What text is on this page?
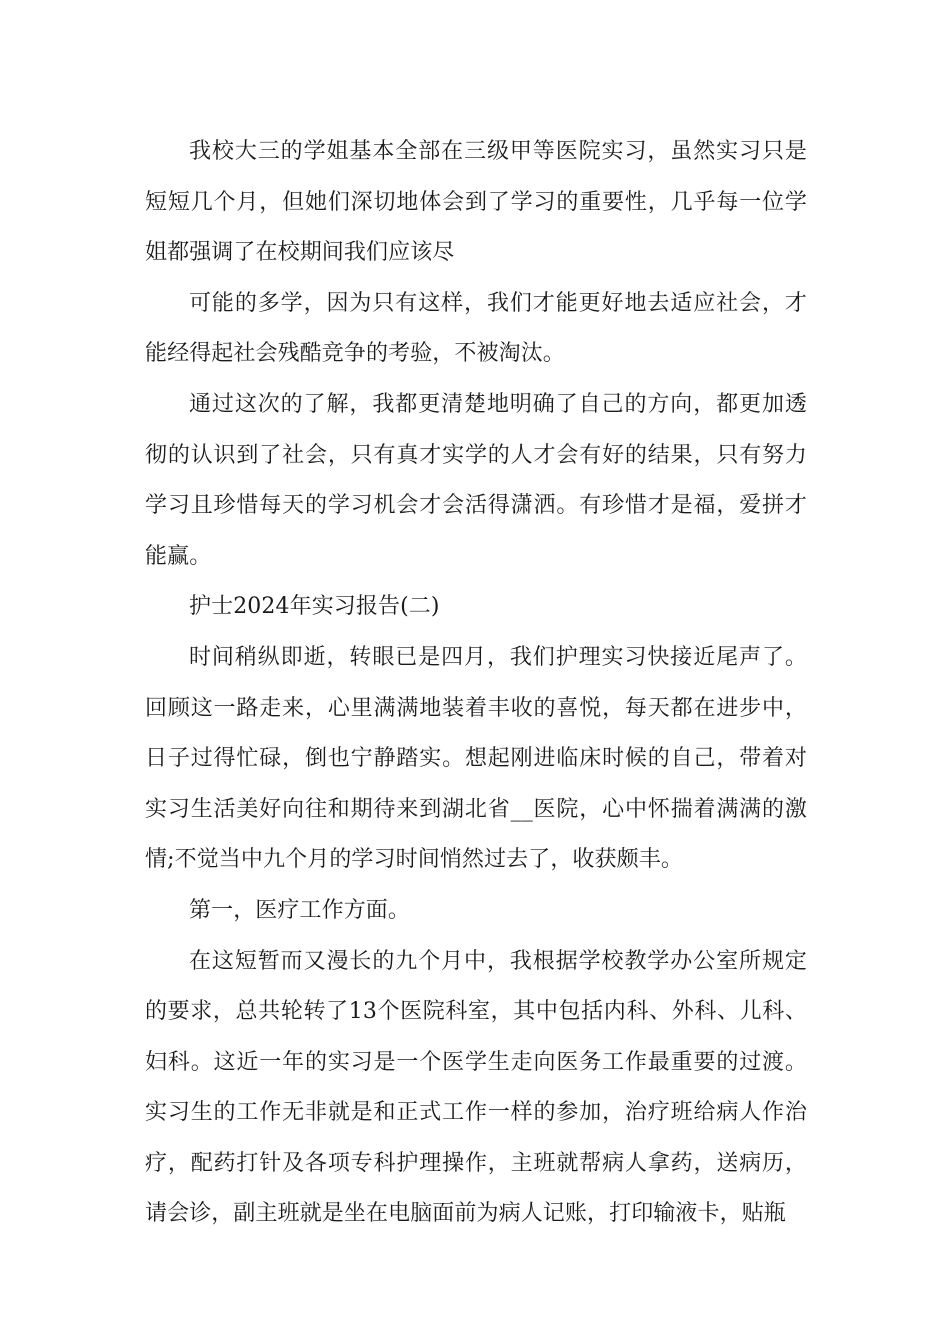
我校大三的学姐基本全部在三级甲等医院实习，虽然实习只是短短几个月，但她们深切地体会到了学习的重要性，几乎每一位学姐都强调了在校期间我们应该尽

可能的多学，因为只有这样，我们才能更好地去适应社会，才能经得起社会残酷竞争的考验，不被淘汰。

通过这次的了解，我都更清楚地明确了自己的方向，都更加透彻的认识到了社会，只有真才实学的人才会有好的结果，只有努力学习且珍惜每天的学习机会才会活得潇洒。有珍惜才是福，爱拼才能赢。

护士2024年实习报告(二)

时间稍纵即逝，转眼已是四月，我们护理实习快接近尾声了。回顾这一路走来，心里满满地装着丰收的喜悦，每天都在进步中，日子过得忙碌，倒也宁静踏实。想起刚进临床时候的自己，带着对实习生活美好向往和期待来到湖北省__医院，心中怀揣着满满的激情;不觉当中九个月的学习时间悄然过去了，收获颇丰。

第一，医疗工作方面。

在这短暂而又漫长的九个月中，我根据学校教学办公室所规定的要求，总共轮转了13个医院科室，其中包括内科、外科、儿科、妇科。这近一年的实习是一个医学生走向医务工作最重要的过渡。实习生的工作无非就是和正式工作一样的参加，治疗班给病人作治疗，配药打针及各项专科护理操作，主班就帮病人拿药，送病历，请会诊，副主班就是坐在电脑面前为病人记账，打印输液卡，贴瓶
